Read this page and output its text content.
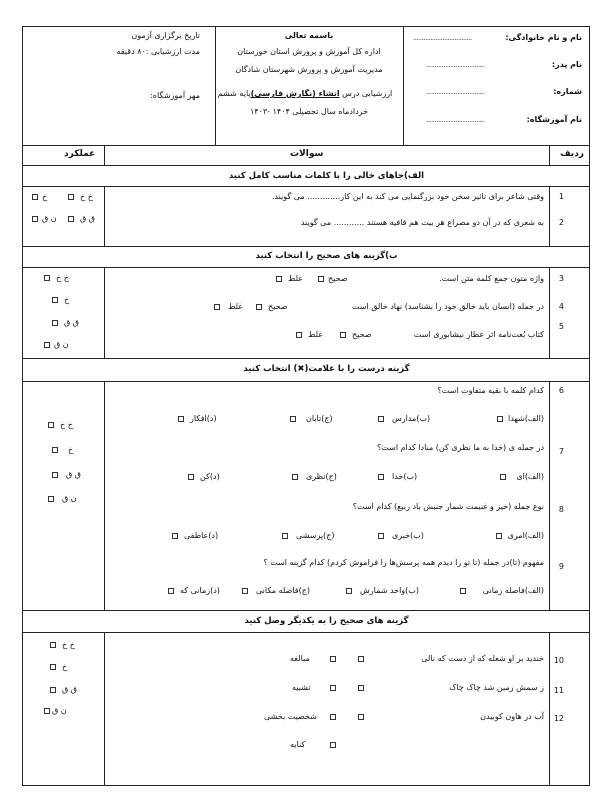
نام و نام خانوادگی:
..................................
نام پدر:
..................................
شماره:
..................................
نام آموزشگاه:
..................................
باسمه تعالی
اداره کل آموزش و پرورش استان خوزستان
مدیریت آموزش و پرورش شهرستان شادگان
ارزشیابی درس انشاء (نگارش فارسی)پایه ششم
خردادماه سال تحصیلی ۱۴۰۴ -۱۴۰۳
تاریخ برگزاری آزمون
مدت ارزشیابی :۸۰ دقیقه
مهر آموزشگاه:
ردیف
سوالات
عملکرد
الف)جاهای خالی را با کلمات مناسب کامل کنید
1
وقتی شاعر برای تاثیر سخن خود بزرگنمایی می کند به این کار............. می گویند.
2
به شعری که در آن دو مصراع هر بیت هم قافیه هستند ............ می گویند
خ خ
خ
ق ق
ن ق
ب)گزینه های صحیح را انتخاب کنید
3
واژه متون جمع کلمه متن است.
صحیح
غلط
4
در جمله (انسان باید خالق خود را بشناسد) نهاد خالق است
صحیح
غلط
5
کتاب بُعت‌نامه اثر عطار نیشابوری است
صحیح
غلط
خ خ
خ
ق ق
ن ق
گزینه درست را با علامت(✖) انتخاب کنید
6
کدام کلمه با بقیه متفاوت است؟
(الف)شهدا
(ب)مدارس
(ج)تابان
(د)افکار
7
در جمله ی (خدا به ما نظری کن) منادا کدام است؟
(الف)ای
(ب)خدا
(ج)نظری
(د)کن
8
نوع جمله (خیز و غنیمت شمار جنبش باد ربیع) کدام است؟
(الف)امری
(ب)خبری
(ج)پرسشی
(د)عاطفی
9
مفهوم (تا)در جمله (تا تو را دیدم همه پرسش‌ها را فراموش کردم) کدام گزینه است ؟
(الف)فاصله زمانی
(ب)واحد شمارش
(ج)فاصله مکانی
(د)زمانی که
خ خ
خ
ق ق
ن ق
گزینه های صحیح را به یکدیگر وصل کنید
10
خندید بر او شعله که از دست که نالی
مبالغه
11
ز سمش زمین شد چاک چاک
تشبیه
12
آب در هاون کوبیدن
شخصیت بخشی
کنایه
خ خ
خ
ق ق
ن ق
